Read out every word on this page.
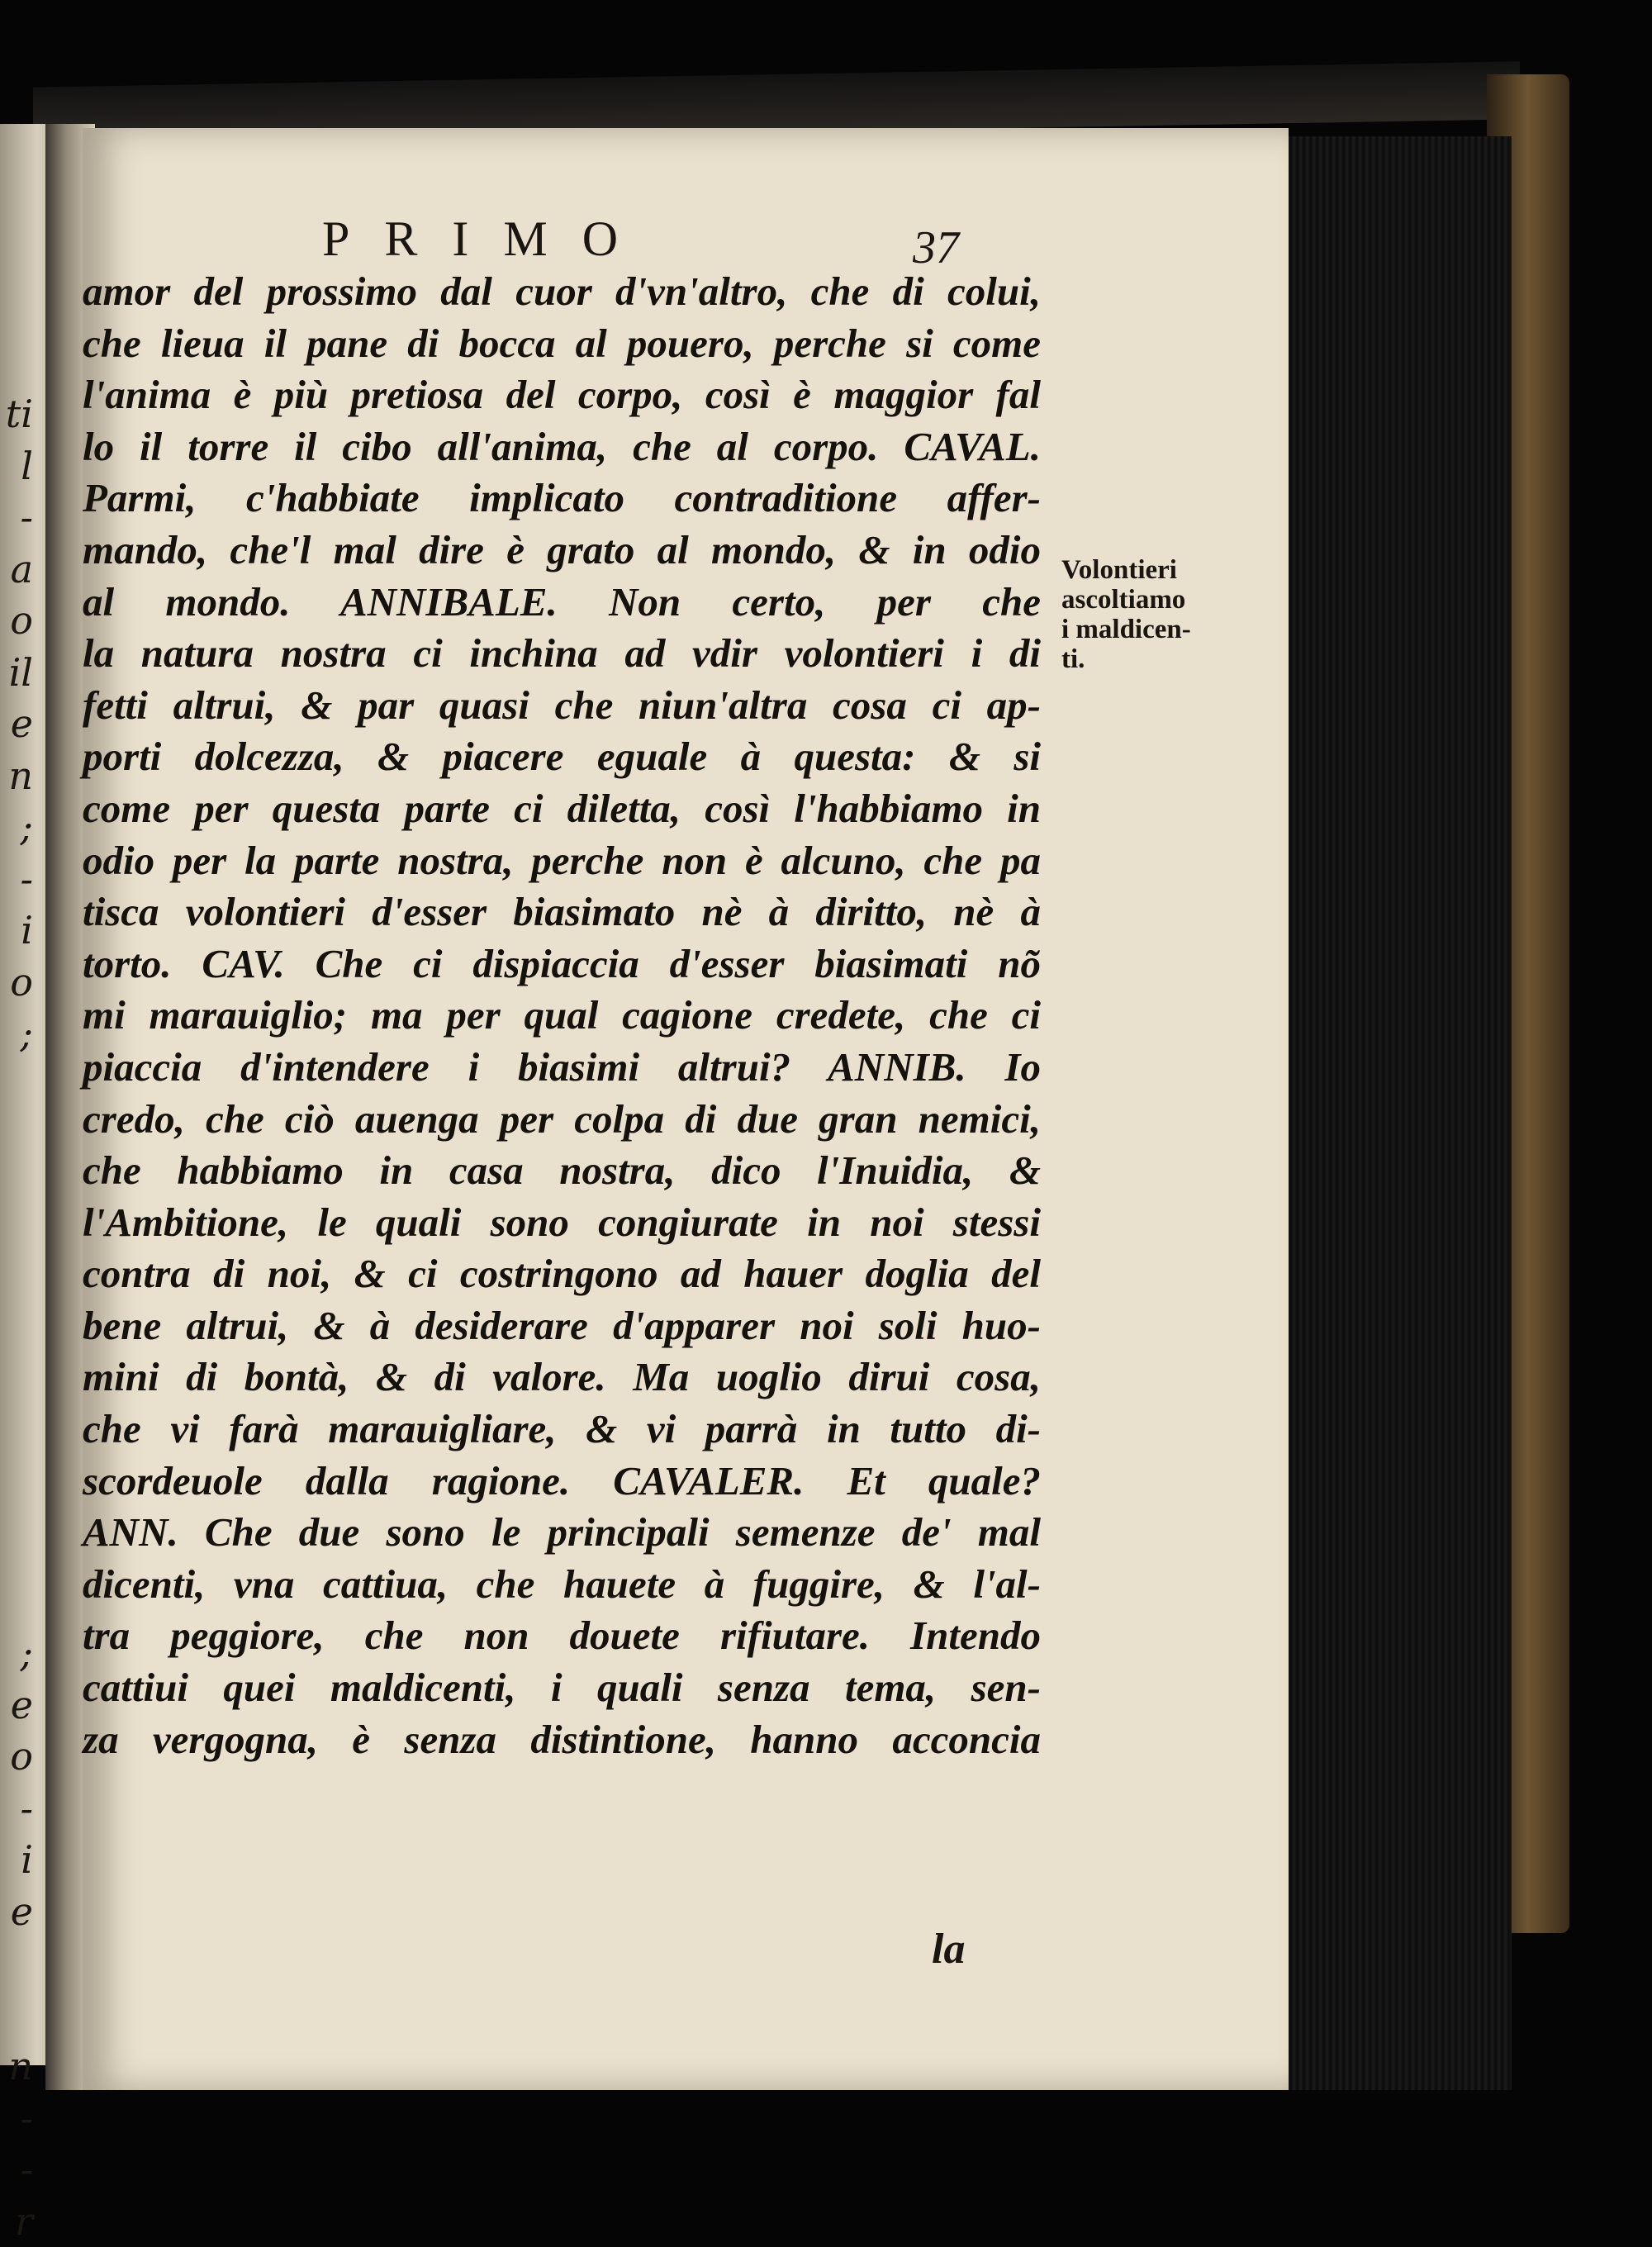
ti
l
-
a
o
il
e
n
;
-
i
o
;
;
e
o
-
i
e
n
-
-
r
PRIMO	37
amor del prossimo dal cuor d'vn'altro, che di colui,
che lieua il pane di bocca al pouero, perche si come
l'anima è più pretiosa del corpo, così è maggior fal
lo il torre il cibo all'anima, che al corpo. CAVAL.
Parmi, c'habbiate implicato contraditione affer-
mando, che'l mal dire è grato al mondo, & in odio
al mondo. ANNIBALE. Non certo, per che
la natura nostra ci inchina ad vdir volontieri i di
fetti altrui, & par quasi che niun'altra cosa ci ap-
porti dolcezza, & piacere eguale à questa: & si
come per questa parte ci diletta, così l'habbiamo in
odio per la parte nostra, perche non è alcuno, che pa
tisca volontieri d'esser biasimato nè à diritto, nè à
torto. CAV. Che ci dispiaccia d'esser biasimati nõ
mi marauiglio; ma per qual cagione credete, che ci
piaccia d'intendere i biasimi altrui? ANNIB. Io
credo, che ciò auenga per colpa di due gran nemici,
che habbiamo in casa nostra, dico l'Inuidia, &
l'Ambitione, le quali sono congiurate in noi stessi
contra di noi, & ci costringono ad hauer doglia del
bene altrui, & à desiderare d'apparer noi soli huo-
mini di bontà, & di valore. Ma uoglio dirui cosa,
che vi farà marauigliare, & vi parrà in tutto di-
scordeuole dalla ragione. CAVALER. Et quale?
ANN. Che due sono le principali semenze de' mal
dicenti, vna cattiua, che hauete à fuggire, & l'al-
tra peggiore, che non douete rifiutare. Intendo
cattiui quei maldicenti, i quali senza tema, sen-
za vergogna, è senza distintione, hanno acconcia
Volontieri
ascoltiamo
i maldicen-
ti.
la
